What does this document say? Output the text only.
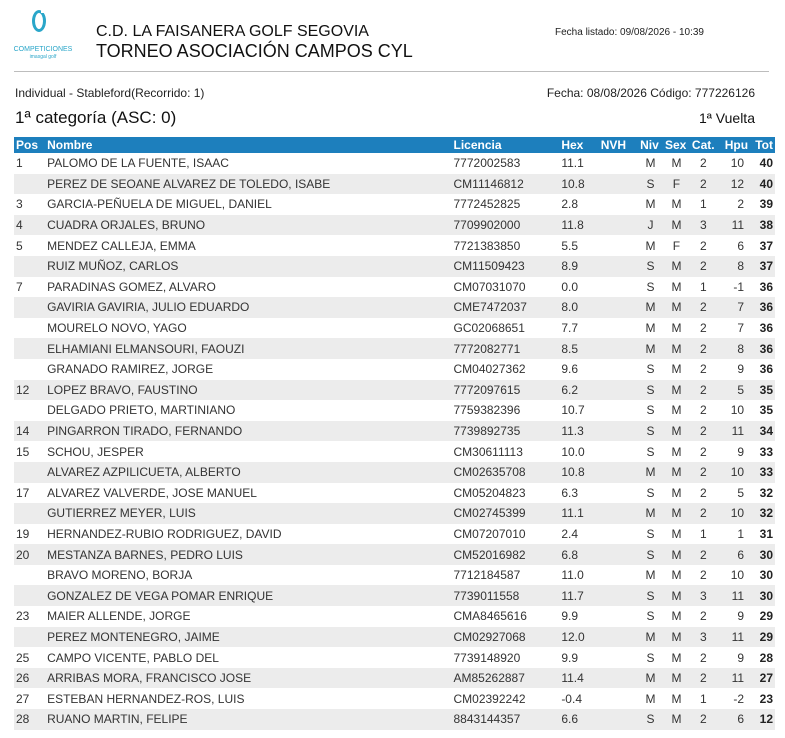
COMPETICIONES
imasgal golf
C.D. LA FAISANERA GOLF SEGOVIA
TORNEO ASOCIACIÓN CAMPOS CYL
Fecha listado: 09/08/2026 - 10:39
Individual - Stableford(Recorrido: 1)	Fecha: 08/08/2026 Código: 777226126
1ª categoría (ASC: 0)	1ª Vuelta
Pos	Nombre	Licencia	Hex	NVH	Niv	Sex	Cat.	Hpu	Tot
1	PALOMO DE LA FUENTE, ISAAC	7772002583	11.1		M	M	2	10	40
	PEREZ DE SEOANE ALVAREZ DE TOLEDO, ISABE	CM11146812	10.8		S	F	2	12	40
3	GARCIA-PEÑUELA DE MIGUEL, DANIEL	7772452825	2.8		M	M	1	2	39
4	CUADRA ORJALES, BRUNO	7709902000	11.8		J	M	3	11	38
5	MENDEZ CALLEJA, EMMA	7721383850	5.5		M	F	2	6	37
	RUIZ MUÑOZ, CARLOS	CM11509423	8.9		S	M	2	8	37
7	PARADINAS GOMEZ, ALVARO	CM07031070	0.0		S	M	1	-1	36
	GAVIRIA GAVIRIA, JULIO EDUARDO	CME7472037	8.0		M	M	2	7	36
	MOURELO NOVO, YAGO	GC02068651	7.7		M	M	2	7	36
	ELHAMIANI ELMANSOURI, FAOUZI	7772082771	8.5		M	M	2	8	36
	GRANADO RAMIREZ, JORGE	CM04027362	9.6		S	M	2	9	36
12	LOPEZ BRAVO, FAUSTINO	7772097615	6.2		S	M	2	5	35
	DELGADO PRIETO, MARTINIANO	7759382396	10.7		S	M	2	10	35
14	PINGARRON TIRADO, FERNANDO	7739892735	11.3		S	M	2	11	34
15	SCHOU, JESPER	CM30611113	10.0		S	M	2	9	33
	ALVAREZ AZPILICUETA, ALBERTO	CM02635708	10.8		M	M	2	10	33
17	ALVAREZ VALVERDE, JOSE MANUEL	CM05204823	6.3		S	M	2	5	32
	GUTIERREZ MEYER, LUIS	CM02745399	11.1		M	M	2	10	32
19	HERNANDEZ-RUBIO RODRIGUEZ, DAVID	CM07207010	2.4		S	M	1	1	31
20	MESTANZA BARNES, PEDRO LUIS	CM52016982	6.8		S	M	2	6	30
	BRAVO MORENO, BORJA	7712184587	11.0		M	M	2	10	30
	GONZALEZ DE VEGA POMAR ENRIQUE	7739011558	11.7		S	M	3	11	30
23	MAIER ALLENDE, JORGE	CMA8465616	9.9		S	M	2	9	29
	PEREZ MONTENEGRO, JAIME	CM02927068	12.0		M	M	3	11	29
25	CAMPO VICENTE, PABLO DEL	7739148920	9.9		S	M	2	9	28
26	ARRIBAS MORA, FRANCISCO JOSE	AM85262887	11.4		M	M	2	11	27
27	ESTEBAN HERNANDEZ-ROS, LUIS	CM02392242	-0.4		M	M	1	-2	23
28	RUANO MARTIN, FELIPE	8843144357	6.6		S	M	2	6	12
